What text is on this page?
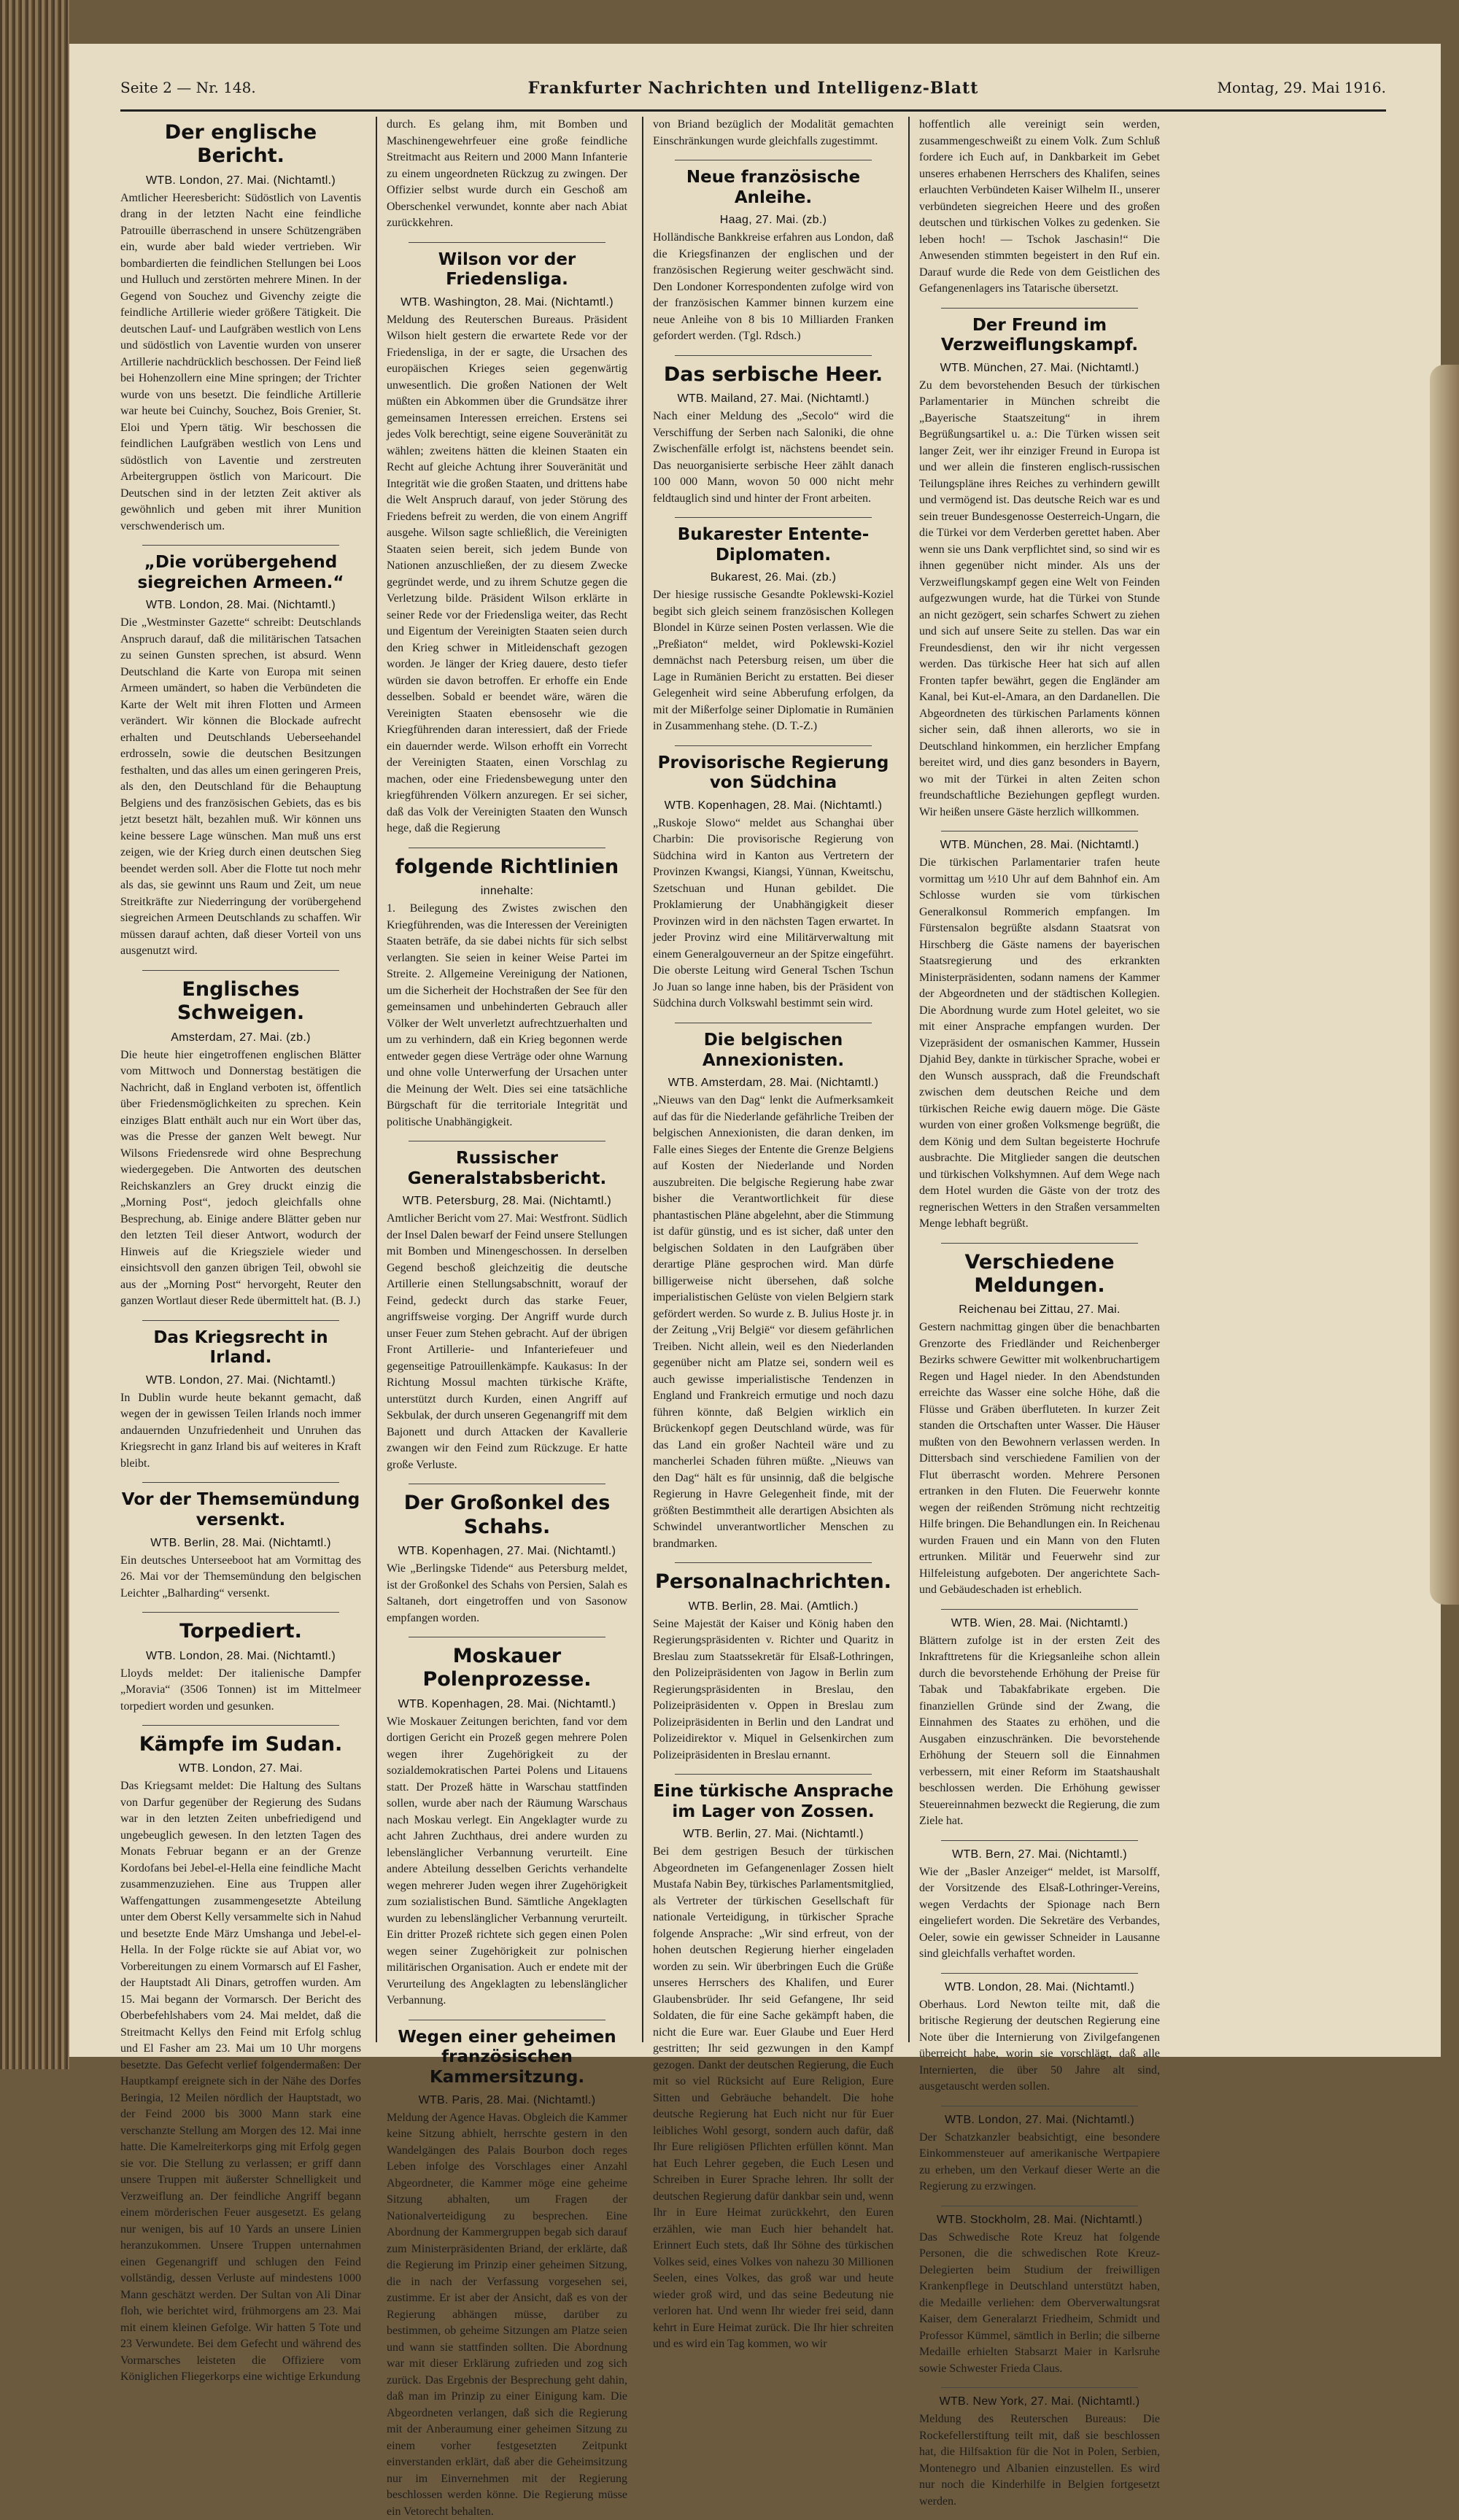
Seite 2 — Nr. 148.	Frankfurter Nachrichten und Intelligenz-Blatt	Montag, 29. Mai 1916.
Der englische Bericht.
WTB. London, 27. Mai. (Nichtamtl.)

Amtlicher Heeresbericht: Südöstlich von Laventis drang in der letzten Nacht eine feindliche Patrouille überraschend in unsere Schützengräben ein, wurde aber bald wieder vertrieben. Wir bombardierten die feindlichen Stellungen bei Loos und Hulluch und zerstörten mehrere Minen. In der Gegend von Souchez und Givenchy zeigte die feindliche Artillerie wieder größere Tätigkeit. Die deutschen Lauf- und Laufgräben westlich von Lens und südöstlich von Laventie wurden von unserer Artillerie nachdrücklich beschossen. Der Feind ließ bei Hohenzollern eine Mine springen; der Trichter wurde von uns besetzt. Die feindliche Artillerie war heute bei Cuinchy, Souchez, Bois Grenier, St. Eloi und Ypern tätig. Wir beschossen die feindlichen Laufgräben westlich von Lens und südöstlich von Laventie und zerstreuten Arbeitergruppen östlich von Maricourt. Die Deutschen sind in der letzten Zeit aktiver als gewöhnlich und geben mit ihrer Munition verschwenderisch um.

„Die vorübergehend siegreichen Armeen.“
WTB. London, 28. Mai. (Nichtamtl.)

Die „Westminster Gazette“ schreibt: Deutschlands Anspruch darauf, daß die militärischen Tatsachen zu seinen Gunsten sprechen, ist absurd. Wenn Deutschland die Karte von Europa mit seinen Armeen umändert, so haben die Verbündeten die Karte der Welt mit ihren Flotten und Armeen verändert. Wir können die Blockade aufrecht erhalten und Deutschlands Ueberseehandel erdrosseln, sowie die deutschen Besitzungen festhalten, und das alles um einen geringeren Preis, als den, den Deutschland für die Behauptung Belgiens und des französischen Gebiets, das es bis jetzt besetzt hält, bezahlen muß. Wir können uns keine bessere Lage wünschen. Man muß uns erst zeigen, wie der Krieg durch einen deutschen Sieg beendet werden soll. Aber die Flotte tut noch mehr als das, sie gewinnt uns Raum und Zeit, um neue Streitkräfte zur Niederringung der vorübergehend siegreichen Armeen Deutschlands zu schaffen. Wir müssen darauf achten, daß dieser Vorteil von uns ausgenutzt wird.

Englisches Schweigen.
Amsterdam, 27. Mai. (zb.)

Die heute hier eingetroffenen englischen Blätter vom Mittwoch und Donnerstag bestätigen die Nachricht, daß in England verboten ist, öffentlich über Friedensmöglichkeiten zu sprechen. Kein einziges Blatt enthält auch nur ein Wort über das, was die Presse der ganzen Welt bewegt. Nur Wilsons Friedensrede wird ohne Besprechung wiedergegeben. Die Antworten des deutschen Reichskanzlers an Grey druckt einzig die „Morning Post“, jedoch gleichfalls ohne Besprechung, ab. Einige andere Blätter geben nur den letzten Teil dieser Antwort, wodurch der Hinweis auf die Kriegsziele wieder und einsichtsvoll den ganzen übrigen Teil, obwohl sie aus der „Morning Post“ hervorgeht, Reuter den ganzen Wortlaut dieser Rede übermittelt hat. (B. J.)

Das Kriegsrecht in Irland.
WTB. London, 27. Mai. (Nichtamtl.)

In Dublin wurde heute bekannt gemacht, daß wegen der in gewissen Teilen Irlands noch immer andauernden Unzufriedenheit und Unruhen das Kriegsrecht in ganz Irland bis auf weiteres in Kraft bleibt.

Vor der Themsemündung versenkt.
WTB. Berlin, 28. Mai. (Nichtamtl.)

Ein deutsches Unterseeboot hat am Vormittag des 26. Mai vor der Themsemündung den belgischen Leichter „Balharding“ versenkt.

Torpediert.
WTB. London, 28. Mai. (Nichtamtl.)

Lloyds meldet: Der italienische Dampfer „Moravia“ (3506 Tonnen) ist im Mittelmeer torpediert worden und gesunken.

Kämpfe im Sudan.
WTB. London, 27. Mai.

Das Kriegsamt meldet: Die Haltung des Sultans von Darfur gegenüber der Regierung des Sudans war in den letzten Zeiten unbefriedigend und ungebeuglich gewesen. In den letzten Tagen des Monats Februar begann er an der Grenze Kordofans bei Jebel-el-Hella eine feindliche Macht zusammenzuziehen. Eine aus Truppen aller Waffengattungen zusammengesetzte Abteilung unter dem Oberst Kelly versammelte sich in Nahud und besetzte Ende März Umshanga und Jebel-el-Hella. In der Folge rückte sie auf Abiat vor, wo Vorbereitungen zu einem Vormarsch auf El Fasher, der Hauptstadt Ali Dinars, getroffen wurden. Am 15. Mai begann der Vormarsch. Der Bericht des Oberbefehlshabers vom 24. Mai meldet, daß die Streitmacht Kellys den Feind mit Erfolg schlug und El Fasher am 23. Mai um 10 Uhr morgens besetzte. Das Gefecht verlief folgendermaßen: Der Hauptkampf ereignete sich in der Nähe des Dorfes Beringia, 12 Meilen nördlich der Hauptstadt, wo der Feind 2000 bis 3000 Mann stark eine verschanzte Stellung am Morgen des 12. Mai inne hatte. Die Kamelreiterkorps ging mit Erfolg gegen sie vor. Die Stellung zu verlassen; er griff dann unsere Truppen mit äußerster Schnelligkeit und Verzweiflung an. Der feindliche Angriff begann einem mörderischen Feuer ausgesetzt. Es gelang nur wenigen, bis auf 10 Yards an unsere Linien heranzukommen. Unsere Truppen unternahmen einen Gegenangriff und schlugen den Feind vollständig, dessen Verluste auf mindestens 1000 Mann geschätzt werden. Der Sultan von Ali Dinar floh, wie berichtet wird, frühmorgens am 23. Mai mit einem kleinen Gefolge. Wir hatten 5 Tote und 23 Verwundete. Bei dem Gefecht und während des Vormarsches leisteten die Offiziere vom Königlichen Fliegerkorps eine wichtige Erkundung

durch. Es gelang ihm, mit Bomben und Maschinengewehrfeuer eine große feindliche Streitmacht aus Reitern und 2000 Mann Infanterie zu einem ungeordneten Rückzug zu zwingen. Der Offizier selbst wurde durch ein Geschoß am Oberschenkel verwundet, konnte aber nach Abiat zurückkehren.

Wilson vor der Friedensliga.
WTB. Washington, 28. Mai. (Nichtamtl.)

Meldung des Reuterschen Bureaus. Präsident Wilson hielt gestern die erwartete Rede vor der Friedensliga, in der er sagte, die Ursachen des europäischen Krieges seien gegenwärtig unwesentlich. Die großen Nationen der Welt müßten ein Abkommen über die Grundsätze ihrer gemeinsamen Interessen erreichen. Erstens sei jedes Volk berechtigt, seine eigene Souveränität zu wählen; zweitens hätten die kleinen Staaten ein Recht auf gleiche Achtung ihrer Souveränität und Integrität wie die großen Staaten, und drittens habe die Welt Anspruch darauf, von jeder Störung des Friedens befreit zu werden, die von einem Angriff ausgehe. Wilson sagte schließlich, die Vereinigten Staaten seien bereit, sich jedem Bunde von Nationen anzuschließen, der zu diesem Zwecke gegründet werde, und zu ihrem Schutze gegen die Verletzung bilde. Präsident Wilson erklärte in seiner Rede vor der Friedensliga weiter, das Recht und Eigentum der Vereinigten Staaten seien durch den Krieg schwer in Mitleidenschaft gezogen worden. Je länger der Krieg dauere, desto tiefer würden sie davon betroffen. Er erhoffe ein Ende desselben. Sobald er beendet wäre, wären die Vereinigten Staaten ebensosehr wie die Kriegführenden daran interessiert, daß der Friede ein dauernder werde. Wilson erhofft ein Vorrecht der Vereinigten Staaten, einen Vorschlag zu machen, oder eine Friedensbewegung unter den kriegführenden Völkern anzuregen. Er sei sicher, daß das Volk der Vereinigten Staaten den Wunsch hege, daß die Regierung

folgende Richtlinien
innehalte:

1. Beilegung des Zwistes zwischen den Kriegführenden, was die Interessen der Vereinigten Staaten beträfe, da sie dabei nichts für sich selbst verlangten. Sie seien in keiner Weise Partei im Streite. 2. Allgemeine Vereinigung der Nationen, um die Sicherheit der Hochstraßen der See für den gemeinsamen und unbehinderten Gebrauch aller Völker der Welt unverletzt aufrechtzuerhalten und um zu verhindern, daß ein Krieg begonnen werde entweder gegen diese Verträge oder ohne Warnung und ohne volle Unterwerfung der Ursachen unter die Meinung der Welt. Dies sei eine tatsächliche Bürgschaft für die territoriale Integrität und politische Unabhängigkeit.

Russischer Generalstabsbericht.
WTB. Petersburg, 28. Mai. (Nichtamtl.)

Amtlicher Bericht vom 27. Mai: Westfront. Südlich der Insel Dalen bewarf der Feind unsere Stellungen mit Bomben und Minengeschossen. In derselben Gegend beschoß gleichzeitig die deutsche Artillerie einen Stellungsabschnitt, worauf der Feind, gedeckt durch das starke Feuer, angriffsweise vorging. Der Angriff wurde durch unser Feuer zum Stehen gebracht. Auf der übrigen Front Artillerie- und Infanteriefeuer und gegenseitige Patrouillenkämpfe. Kaukasus: In der Richtung Mossul machten türkische Kräfte, unterstützt durch Kurden, einen Angriff auf Sekbulak, der durch unseren Gegenangriff mit dem Bajonett und durch Attacken der Kavallerie zwangen wir den Feind zum Rückzuge. Er hatte große Verluste.

Der Großonkel des Schahs.
WTB. Kopenhagen, 27. Mai. (Nichtamtl.)

Wie „Berlingske Tidende“ aus Petersburg meldet, ist der Großonkel des Schahs von Persien, Salah es Saltaneh, dort eingetroffen und von Sasonow empfangen worden.

Moskauer Polenprozesse.
WTB. Kopenhagen, 28. Mai. (Nichtamtl.)

Wie Moskauer Zeitungen berichten, fand vor dem dortigen Gericht ein Prozeß gegen mehrere Polen wegen ihrer Zugehörigkeit zu der sozialdemokratischen Partei Polens und Litauens statt. Der Prozeß hätte in Warschau stattfinden sollen, wurde aber nach der Räumung Warschaus nach Moskau verlegt. Ein Angeklagter wurde zu acht Jahren Zuchthaus, drei andere wurden zu lebenslänglicher Verbannung verurteilt. Eine andere Abteilung desselben Gerichts verhandelte wegen mehrerer Juden wegen ihrer Zugehörigkeit zum sozialistischen Bund. Sämtliche Angeklagten wurden zu lebenslänglicher Verbannung verurteilt. Ein dritter Prozeß richtete sich gegen einen Polen wegen seiner Zugehörigkeit zur polnischen militärischen Organisation. Auch er endete mit der Verurteilung des Angeklagten zu lebenslänglicher Verbannung.

Wegen einer geheimen französischen Kammersitzung.
WTB. Paris, 28. Mai. (Nichtamtl.)

Meldung der Agence Havas. Obgleich die Kammer keine Sitzung abhielt, herrschte gestern in den Wandelgängen des Palais Bourbon doch reges Leben infolge des Vorschlages einer Anzahl Abgeordneter, die Kammer möge eine geheime Sitzung abhalten, um Fragen der Nationalverteidigung zu besprechen. Eine Abordnung der Kammergruppen begab sich darauf zum Ministerpräsidenten Briand, der erklärte, daß die Regierung im Prinzip einer geheimen Sitzung, die in nach der Verfassung vorgesehen sei, zustimme. Er ist aber der Ansicht, daß es von der Regierung abhängen müsse, darüber zu bestimmen, ob geheime Sitzungen am Platze seien und wann sie stattfinden sollten. Die Abordnung war mit dieser Erklärung zufrieden und zog sich zurück. Das Ergebnis der Besprechung geht dahin, daß man im Prinzip zu einer Einigung kam. Die Abgeordneten verlangen, daß sich die Regierung mit der Anberaumung einer geheimen Sitzung zu einem vorher festgesetzten Zeitpunkt einverstanden erklärt, daß aber die Geheimsitzung nur im Einvernehmen mit der Regierung beschlossen werden könne. Die Regierung müsse ein Vetorecht behalten.

von Briand bezüglich der Modalität gemachten Einschränkungen wurde gleichfalls zugestimmt.

Neue französische Anleihe.
Haag, 27. Mai. (zb.)

Holländische Bankkreise erfahren aus London, daß die Kriegsfinanzen der englischen und der französischen Regierung weiter geschwächt sind. Den Londoner Korrespondenten zufolge wird von der französischen Kammer binnen kurzem eine neue Anleihe von 8 bis 10 Milliarden Franken gefordert werden. (Tgl. Rdsch.)

Das serbische Heer.
WTB. Mailand, 27. Mai. (Nichtamtl.)

Nach einer Meldung des „Secolo“ wird die Verschiffung der Serben nach Saloniki, die ohne Zwischenfälle erfolgt ist, nächstens beendet sein. Das neuorganisierte serbische Heer zählt danach 100 000 Mann, wovon 50 000 nicht mehr feldtauglich sind und hinter der Front arbeiten.

Bukarester Entente-Diplomaten.
Bukarest, 26. Mai. (zb.)

Der hiesige russische Gesandte Poklewski-Koziel begibt sich gleich seinem französischen Kollegen Blondel in Kürze seinen Posten verlassen. Wie die „Preßiaton“ meldet, wird Poklewski-Koziel demnächst nach Petersburg reisen, um über die Lage in Rumänien Bericht zu erstatten. Bei dieser Gelegenheit wird seine Abberufung erfolgen, da mit der Mißerfolge seiner Diplomatie in Rumänien in Zusammenhang stehe. (D. T.-Z.)

Provisorische Regierung von Südchina
WTB. Kopenhagen, 28. Mai. (Nichtamtl.)

„Ruskoje Slowo“ meldet aus Schanghai über Charbin: Die provisorische Regierung von Südchina wird in Kanton aus Vertretern der Provinzen Kwangsi, Kiangsi, Yünnan, Kweitschu, Szetschuan und Hunan gebildet. Die Proklamierung der Unabhängigkeit dieser Provinzen wird in den nächsten Tagen erwartet. In jeder Provinz wird eine Militärverwaltung mit einem Generalgouverneur an der Spitze eingeführt. Die oberste Leitung wird General Tschen Tschun Jo Juan so lange inne haben, bis der Präsident von Südchina durch Volkswahl bestimmt sein wird.

Die belgischen Annexionisten.
WTB. Amsterdam, 28. Mai. (Nichtamtl.)

„Nieuws van den Dag“ lenkt die Aufmerksamkeit auf das für die Niederlande gefährliche Treiben der belgischen Annexionisten, die daran denken, im Falle eines Sieges der Entente die Grenze Belgiens auf Kosten der Niederlande und Norden auszubreiten. Die belgische Regierung habe zwar bisher die Verantwortlichkeit für diese phantastischen Pläne abgelehnt, aber die Stimmung ist dafür günstig, und es ist sicher, daß unter den belgischen Soldaten in den Laufgräben über derartige Pläne gesprochen wird. Man dürfe billigerweise nicht übersehen, daß solche imperialistischen Gelüste von vielen Belgiern stark gefördert werden. So wurde z. B. Julius Hoste jr. in der Zeitung „Vrij België“ vor diesem gefährlichen Treiben. Nicht allein, weil es den Niederlanden gegenüber nicht am Platze sei, sondern weil es auch gewisse imperialistische Tendenzen in England und Frankreich ermutige und noch dazu führen könnte, daß Belgien wirklich ein Brückenkopf gegen Deutschland würde, was für das Land ein großer Nachteil wäre und zu mancherlei Schaden führen müßte. „Nieuws van den Dag“ hält es für unsinnig, daß die belgische Regierung in Havre Gelegenheit finde, mit der größten Bestimmtheit alle derartigen Absichten als Schwindel unverantwortlicher Menschen zu brandmarken.

Personalnachrichten.
WTB. Berlin, 28. Mai. (Amtlich.)

Seine Majestät der Kaiser und König haben den Regierungspräsidenten v. Richter und Quaritz in Breslau zum Staatssekretär für Elsaß-Lothringen, den Polizeipräsidenten von Jagow in Berlin zum Regierungspräsidenten in Breslau, den Polizeipräsidenten v. Oppen in Breslau zum Polizeipräsidenten in Berlin und den Landrat und Polizeidirektor v. Miquel in Gelsenkirchen zum Polizeipräsidenten in Breslau ernannt.

Eine türkische Ansprache im Lager von Zossen.
WTB. Berlin, 27. Mai. (Nichtamtl.)

Bei dem gestrigen Besuch der türkischen Abgeordneten im Gefangenenlager Zossen hielt Mustafa Nabin Bey, türkisches Parlamentsmitglied, als Vertreter der türkischen Gesellschaft für nationale Verteidigung, in türkischer Sprache folgende Ansprache: „Wir sind erfreut, von der hohen deutschen Regierung hierher eingeladen worden zu sein. Wir überbringen Euch die Grüße unseres Herrschers des Khalifen, und Eurer Glaubensbrüder. Ihr seid Gefangene, Ihr seid Soldaten, die für eine Sache gekämpft haben, die nicht die Eure war. Euer Glaube und Euer Herd gestritten; Ihr seid gezwungen in den Kampf gezogen. Dankt der deutschen Regierung, die Euch mit so viel Rücksicht auf Eure Religion, Eure Sitten und Gebräuche behandelt. Die hohe deutsche Regierung hat Euch nicht nur für Euer leibliches Wohl gesorgt, sondern auch dafür, daß Ihr Eure religiösen Pflichten erfüllen könnt. Man hat Euch Lehrer gegeben, die Euch Lesen und Schreiben in Eurer Sprache lehren. Ihr sollt der deutschen Regierung dafür dankbar sein und, wenn Ihr in Eure Heimat zurückkehrt, den Euren erzählen, wie man Euch hier behandelt hat. Erinnert Euch stets, daß Ihr Söhne des türkischen Volkes seid, eines Volkes von nahezu 30 Millionen Seelen, eines Volkes, das groß war und heute wieder groß wird, und das seine Bedeutung nie verloren hat. Und wenn Ihr wieder frei seid, dann kehrt in Eure Heimat zurück. Die Ihr hier schreiten und es wird ein Tag kommen, wo wir

hoffentlich alle vereinigt sein werden, zusammengeschweißt zu einem Volk. Zum Schluß fordere ich Euch auf, in Dankbarkeit im Gebet unseres erhabenen Herrschers des Khalifen, seines erlauchten Verbündeten Kaiser Wilhelm II., unserer verbündeten siegreichen Heere und des großen deutschen und türkischen Volkes zu gedenken. Sie leben hoch! — Tschok Jaschasin!“ Die Anwesenden stimmten begeistert in den Ruf ein. Darauf wurde die Rede von dem Geistlichen des Gefangenenlagers ins Tatarische übersetzt.

Der Freund im Verzweiflungskampf.
WTB. München, 27. Mai. (Nichtamtl.)

Zu dem bevorstehenden Besuch der türkischen Parlamentarier in München schreibt die „Bayerische Staatszeitung“ in ihrem Begrüßungsartikel u. a.: Die Türken wissen seit langer Zeit, wer ihr einziger Freund in Europa ist und wer allein die finsteren englisch-russischen Teilungspläne ihres Reiches zu verhindern gewillt und vermögend ist. Das deutsche Reich war es und sein treuer Bundesgenosse Oesterreich-Ungarn, die die Türkei vor dem Verderben gerettet haben. Aber wenn sie uns Dank verpflichtet sind, so sind wir es ihnen gegenüber nicht minder. Als uns der Verzweiflungskampf gegen eine Welt von Feinden aufgezwungen wurde, hat die Türkei von Stunde an nicht gezögert, sein scharfes Schwert zu ziehen und sich auf unsere Seite zu stellen. Das war ein Freundesdienst, den wir ihr nicht vergessen werden. Das türkische Heer hat sich auf allen Fronten tapfer bewährt, gegen die Engländer am Kanal, bei Kut-el-Amara, an den Dardanellen. Die Abgeordneten des türkischen Parlaments können sicher sein, daß ihnen allerorts, wo sie in Deutschland hinkommen, ein herzlicher Empfang bereitet wird, und dies ganz besonders in Bayern, wo mit der Türkei in alten Zeiten schon freundschaftliche Beziehungen gepflegt wurden. Wir heißen unsere Gäste herzlich willkommen.

WTB. München, 28. Mai. (Nichtamtl.)

Die türkischen Parlamentarier trafen heute vormittag um ½10 Uhr auf dem Bahnhof ein. Am Schlosse wurden sie vom türkischen Generalkonsul Rommerich empfangen. Im Fürstensalon begrüßte alsdann Staatsrat von Hirschberg die Gäste namens der bayerischen Staatsregierung und des erkrankten Ministerpräsidenten, sodann namens der Kammer der Abgeordneten und der städtischen Kollegien. Die Abordnung wurde zum Hotel geleitet, wo sie mit einer Ansprache empfangen wurden. Der Vizepräsident der osmanischen Kammer, Hussein Djahid Bey, dankte in türkischer Sprache, wobei er den Wunsch aussprach, daß die Freundschaft zwischen dem deutschen Reiche und dem türkischen Reiche ewig dauern möge. Die Gäste wurden von einer großen Volksmenge begrüßt, die dem König und dem Sultan begeisterte Hochrufe ausbrachte. Die Mitglieder sangen die deutschen und türkischen Volkshymnen. Auf dem Wege nach dem Hotel wurden die Gäste von der trotz des regnerischen Wetters in den Straßen versammelten Menge lebhaft begrüßt.

Verschiedene Meldungen.
Reichenau bei Zittau, 27. Mai.

Gestern nachmittag gingen über die benachbarten Grenzorte des Friedländer und Reichenberger Bezirks schwere Gewitter mit wolkenbruchartigem Regen und Hagel nieder. In den Abendstunden erreichte das Wasser eine solche Höhe, daß die Flüsse und Gräben überfluteten. In kurzer Zeit standen die Ortschaften unter Wasser. Die Häuser mußten von den Bewohnern verlassen werden. In Dittersbach sind verschiedene Familien von der Flut überrascht worden. Mehrere Personen ertranken in den Fluten. Die Feuerwehr konnte wegen der reißenden Strömung nicht rechtzeitig Hilfe bringen. Die Behandlungen ein. In Reichenau wurden Frauen und ein Mann von den Fluten ertrunken. Militär und Feuerwehr sind zur Hilfeleistung aufgeboten. Der angerichtete Sach- und Gebäudeschaden ist erheblich.

WTB. Wien, 28. Mai. (Nichtamtl.)

Blättern zufolge ist in der ersten Zeit des Inkrafttretens für die Kriegsanleihe schon allein durch die bevorstehende Erhöhung der Preise für Tabak und Tabakfabrikate ergeben. Die finanziellen Gründe sind der Zwang, die Einnahmen des Staates zu erhöhen, und die Ausgaben einzuschränken. Die bevorstehende Erhöhung der Steuern soll die Einnahmen verbessern, mit einer Reform im Staatshaushalt beschlossen werden. Die Erhöhung gewisser Steuereinnahmen bezweckt die Regierung, die zum Ziele hat.

WTB. Bern, 27. Mai. (Nichtamtl.)

Wie der „Basler Anzeiger“ meldet, ist Marsolff, der Vorsitzende des Elsaß-Lothringer-Vereins, wegen Verdachts der Spionage nach Bern eingeliefert worden. Die Sekretäre des Verbandes, Oeler, sowie ein gewisser Schneider in Lausanne sind gleichfalls verhaftet worden.

WTB. London, 28. Mai. (Nichtamtl.)

Oberhaus. Lord Newton teilte mit, daß die britische Regierung der deutschen Regierung eine Note über die Internierung von Zivilgefangenen überreicht habe, worin sie vorschlägt, daß alle Internierten, die über 50 Jahre alt sind, ausgetauscht werden sollen.

WTB. London, 27. Mai. (Nichtamtl.)

Der Schatzkanzler beabsichtigt, eine besondere Einkommensteuer auf amerikanische Wertpapiere zu erheben, um den Verkauf dieser Werte an die Regierung zu erzwingen.

WTB. Stockholm, 28. Mai. (Nichtamtl.)

Das Schwedische Rote Kreuz hat folgende Personen, die die schwedischen Rote Kreuz-Delegierten beim Studium der freiwilligen Krankenpflege in Deutschland unterstützt haben, die Medaille verliehen: dem Oberverwaltungsrat Kaiser, dem Generalarzt Friedheim, Schmidt und Professor Kümmel, sämtlich in Berlin; die silberne Medaille erhielten Stabsarzt Maier in Karlsruhe sowie Schwester Frieda Claus.

WTB. New York, 27. Mai. (Nichtamtl.)

Meldung des Reuterschen Bureaus: Die Rockefellerstiftung teilt mit, daß sie beschlossen hat, die Hilfsaktion für die Not in Polen, Serbien, Montenegro und Albanien einzustellen. Es wird nur noch die Kinderhilfe in Belgien fortgesetzt werden.
